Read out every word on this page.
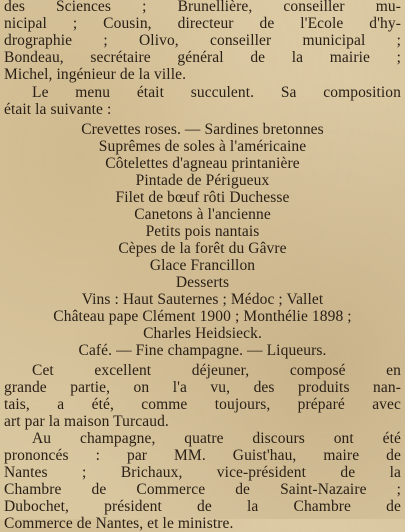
des Sciences ; Brunellière, conseiller mu-
nicipal ; Cousin, directeur de l'Ecole d'hy-
drographie ; Olivo, conseiller municipal ;
Bondeau, secrétaire général de la mairie ;
Michel, ingénieur de la ville.
Le menu était succulent. Sa composition
était la suivante :
Crevettes roses. — Sardines bretonnes
Suprêmes de soles à l'américaine
Côtelettes d'agneau printanière
Pintade de Périgueux
Filet de bœuf rôti Duchesse
Canetons à l'ancienne
Petits pois nantais
Cèpes de la forêt du Gâvre
Glace Francillon
Desserts
Vins : Haut Sauternes ; Médoc ; Vallet
Château pape Clément 1900 ; Monthélie 1898 ;
Charles Heidsieck.
Café. — Fine champagne. — Liqueurs.
Cet excellent déjeuner, composé en
grande partie, on l'a vu, des produits nan-
tais, a été, comme toujours, préparé avec
art par la maison Turcaud.
Au champagne, quatre discours ont été
prononcés : par MM. Guist'hau, maire de
Nantes ; Brichaux, vice-président de la
Chambre de Commerce de Saint-Nazaire ;
Dubochet, président de la Chambre de
Commerce de Nantes, et le ministre.
